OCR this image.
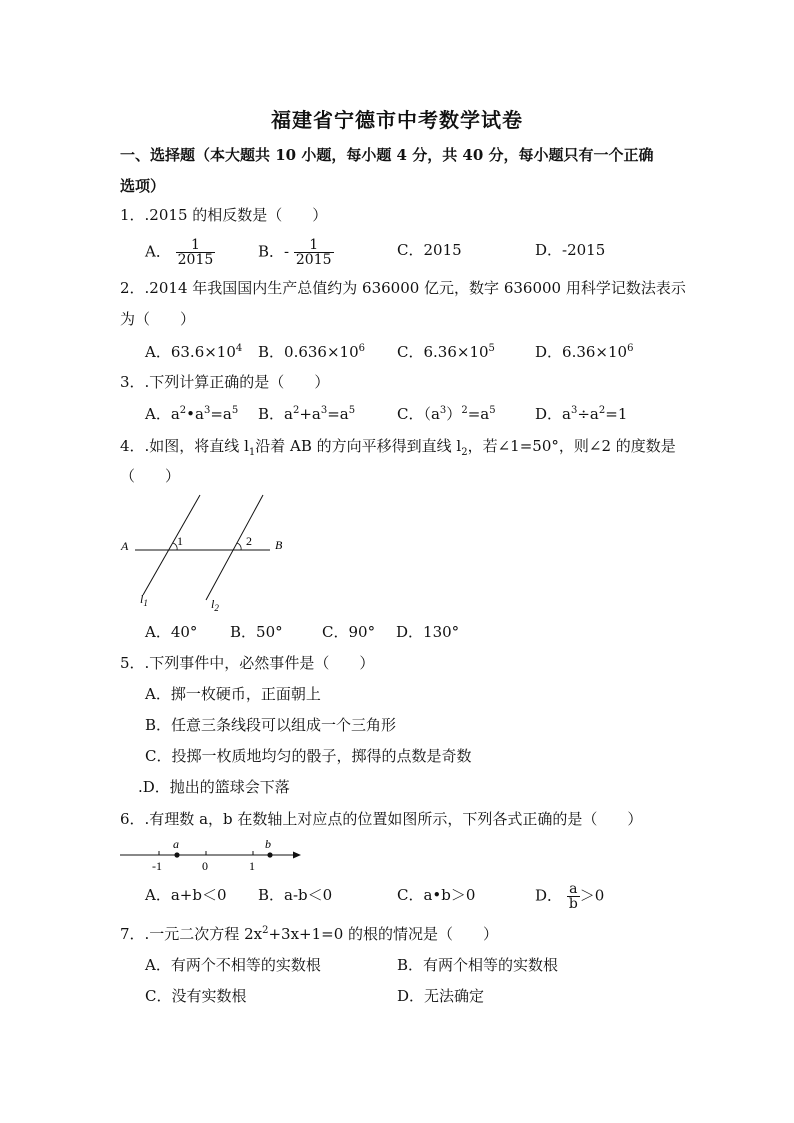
福建省宁德市中考数学试卷
一、选择题（本大题共 10 小题，每小题 4 分，共 40 分，每小题只有一个正确
选项）
1．.2015 的相反数是（　　）
A． $\frac{1}{2015}$	B．- $\frac{1}{2015}$	C．2015	D．-2015
2．.2014 年我国国内生产总值约为 636000 亿元，数字 636000 用科学记数法表示
为（　　）
A．$63.6\times 10^4$ B．$0.636\times 10^6$ C．$6.36\times 10^5$	D．$6.36\times 10^6$
3．.下列计算正确的是（　　）
A．$a^2•a^3=a^5$ B．$a^2+a^3=a^5$	C．$(a^3)^2=a^5$	D．$a^3\div a^2=1$
4．.如图，将直线 $l_1$沿着 AB 的方向平移得到直线 $l_2$，若∠1=50°，则∠2 的度数是
（　　）
A	B
1	2
$l_1$	$l_2$
A．40° B．50°	C．90° D．130°
5．.下列事件中，必然事件是（　　）
A．掷一枚硬币，正面朝上
B．任意三条线段可以组成一个三角形
C．投掷一枚质地均匀的骰子，掷得的点数是奇数
.D．抛出的篮球会下落
6．.有理数 a，b 在数轴上对应点的位置如图所示，下列各式正确的是（　　）
a	b
-1	0	1
A．a+b＜0 B．a-b＜0	C．a•b＞0	D． $\frac{a}{b} >0$
7．.一元二次方程 $2x^2+3x+1=0$ 的根的情况是（　　）
A．有两个不相等的实数根	B．有两个相等的实数根
C．没有实数根	D．无法确定
